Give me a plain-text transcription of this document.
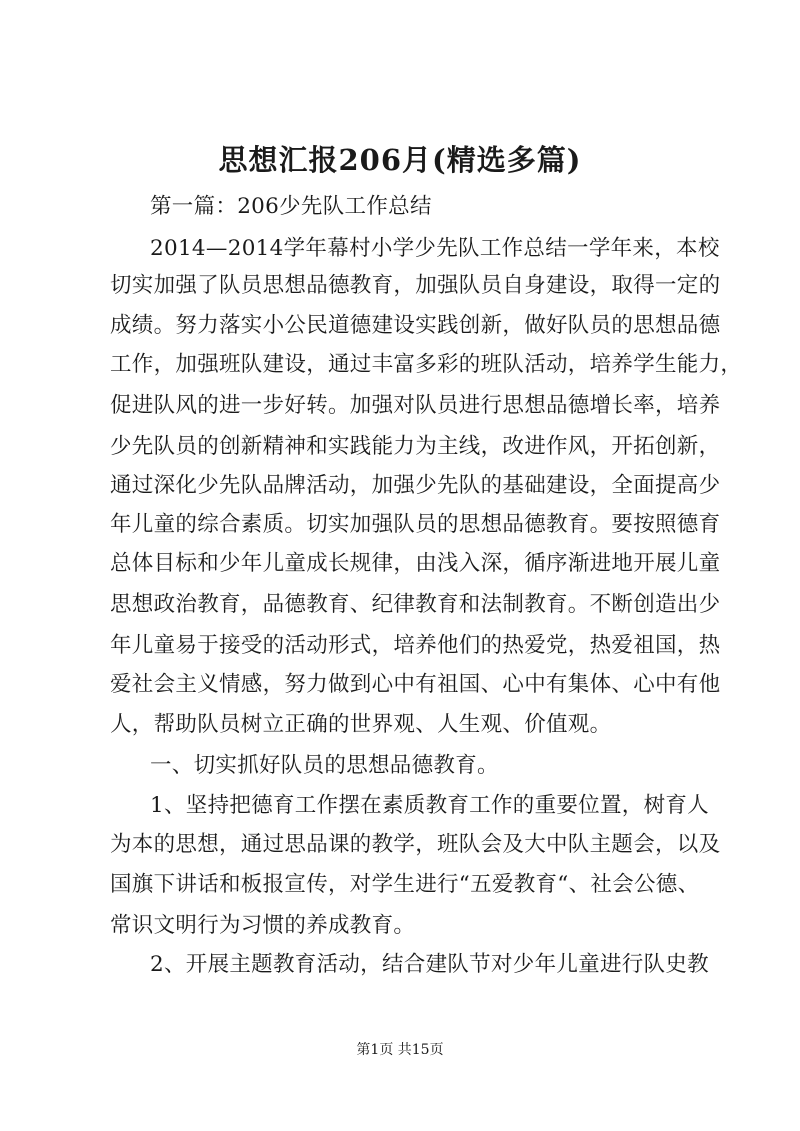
思想汇报206月(精选多篇)
第一篇：206少先队工作总结
2014—2014学年幕村小学少先队工作总结一学年来，本校
切实加强了队员思想品德教育，加强队员自身建设，取得一定的
成绩。努力落实小公民道德建设实践创新，做好队员的思想品德
工作，加强班队建设，通过丰富多彩的班队活动，培养学生能力，
促进队风的进一步好转。加强对队员进行思想品德增长率，培养
少先队员的创新精神和实践能力为主线，改进作风，开拓创新，
通过深化少先队品牌活动，加强少先队的基础建设，全面提高少
年儿童的综合素质。切实加强队员的思想品德教育。要按照德育
总体目标和少年儿童成长规律，由浅入深，循序渐进地开展儿童
思想政治教育，品德教育、纪律教育和法制教育。不断创造出少
年儿童易于接受的活动形式，培养他们的热爱党，热爱祖国，热
爱社会主义情感，努力做到心中有祖国、心中有集体、心中有他
人，帮助队员树立正确的世界观、人生观、价值观。
一、切实抓好队员的思想品德教育。
1、坚持把德育工作摆在素质教育工作的重要位置，树育人
为本的思想，通过思品课的教学，班队会及大中队主题会，以及
国旗下讲话和板报宣传，对学生进行“五爱教育“、社会公德、
常识文明行为习惯的养成教育。
2、开展主题教育活动，结合建队节对少年儿童进行队史教
第1页 共15页
